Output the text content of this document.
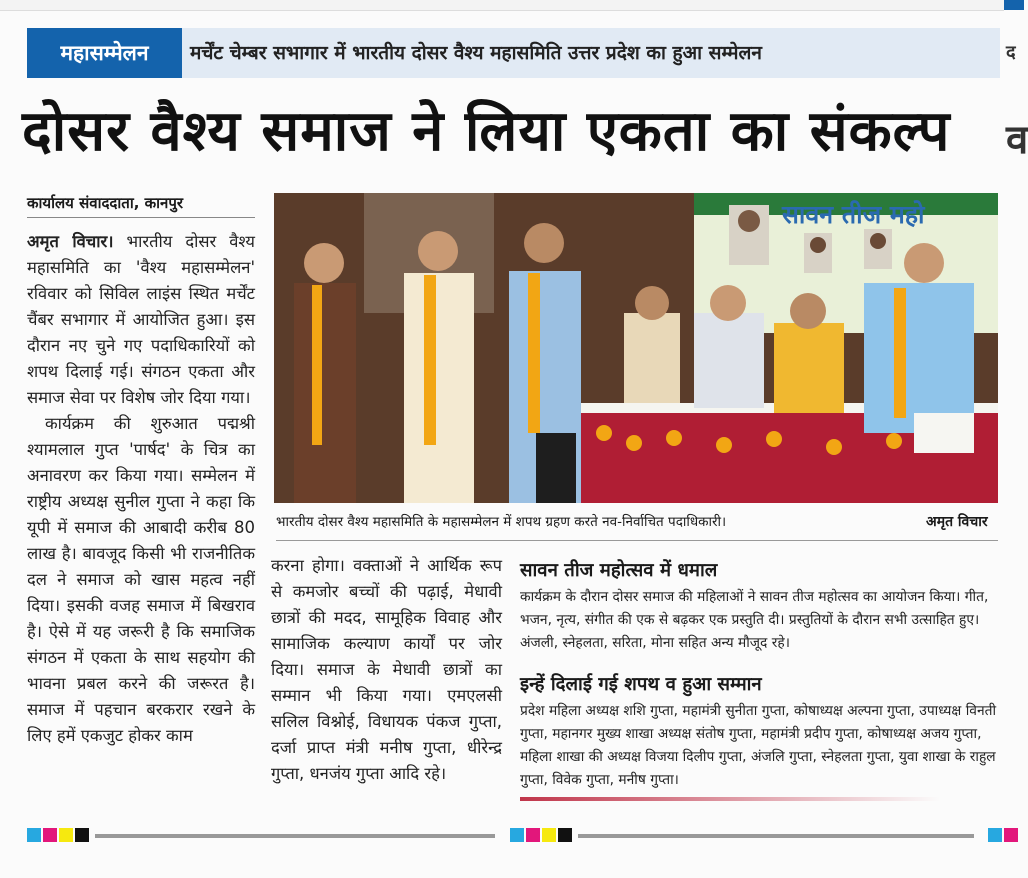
महासम्मेलन	मर्चेंट चेम्बर सभागार में भारतीय दोसर वैश्य महासमिति उत्तर प्रदेश का हुआ सम्मेलन
दोसर वैश्य समाज ने लिया एकता का संकल्प
कार्यालय संवाददाता, कानपुर
अमृत विचार। भारतीय दोसर वैश्य महासमिति का 'वैश्य महासम्मेलन' रविवार को सिविल लाइंस स्थित मर्चेंट चैंबर सभागार में आयोजित हुआ। इस दौरान नए चुने गए पदाधिकारियों को शपथ दिलाई गई। संगठन एकता और समाज सेवा पर विशेष जोर दिया गया।
कार्यक्रम की शुरुआत पद्मश्री श्यामलाल गुप्त 'पार्षद' के चित्र का अनावरण कर किया गया। सम्मेलन में राष्ट्रीय अध्यक्ष सुनील गुप्ता ने कहा कि यूपी में समाज की आबादी करीब 80 लाख है। बावजूद किसी भी राजनीतिक दल ने समाज को खास महत्व नहीं दिया। इसकी वजह समाज में बिखराव है। ऐसे में यह जरूरी है कि समाजिक संगठन में एकता के साथ सहयोग की भावना प्रबल करने की जरूरत है। समाज में पहचान बरकरार रखने के लिए हमें एकजुट होकर काम
सावन तीज महो
भारतीय दोसर वैश्य महासमिति के महासम्मेलन में शपथ ग्रहण करते नव-निर्वाचित पदाधिकारी।	अमृत विचार
करना होगा। वक्ताओं ने आर्थिक रूप से कमजोर बच्चों की पढ़ाई, मेधावी छात्रों की मदद, सामूहिक विवाह और सामाजिक कल्याण कार्यों पर जोर दिया। समाज के मेधावी छात्रों का सम्मान भी किया गया। एमएलसी सलिल विश्नोई, विधायक पंकज गुप्ता, दर्जा प्राप्त मंत्री मनीष गुप्ता, धीरेन्द्र गुप्ता, धनजंय गुप्ता आदि रहे।
सावन तीज महोत्सव में धमाल
कार्यक्रम के दौरान दोसर समाज की महिलाओं ने सावन तीज महोत्सव का आयोजन किया। गीत, भजन, नृत्य, संगीत की एक से बढ़कर एक प्रस्तुति दी। प्रस्तुतियों के दौरान सभी उत्साहित हुए। अंजली, स्नेहलता, सरिता, मोना सहित अन्य मौजूद रहे।
इन्हें दिलाई गई शपथ व हुआ सम्मान
प्रदेश महिला अध्यक्ष शशि गुप्ता, महामंत्री सुनीता गुप्ता, कोषाध्यक्ष अल्पना गुप्ता, उपाध्यक्ष विनती गुप्ता, महानगर मुख्य शाखा अध्यक्ष संतोष गुप्ता, महामंत्री प्रदीप गुप्ता, कोषाध्यक्ष अजय गुप्ता, महिला शाखा की अध्यक्ष विजया दिलीप गुप्ता, अंजलि गुप्ता, स्नेहलता गुप्ता, युवा शाखा के राहुल गुप्ता, विवेक गुप्ता, मनीष गुप्ता।
द
व
